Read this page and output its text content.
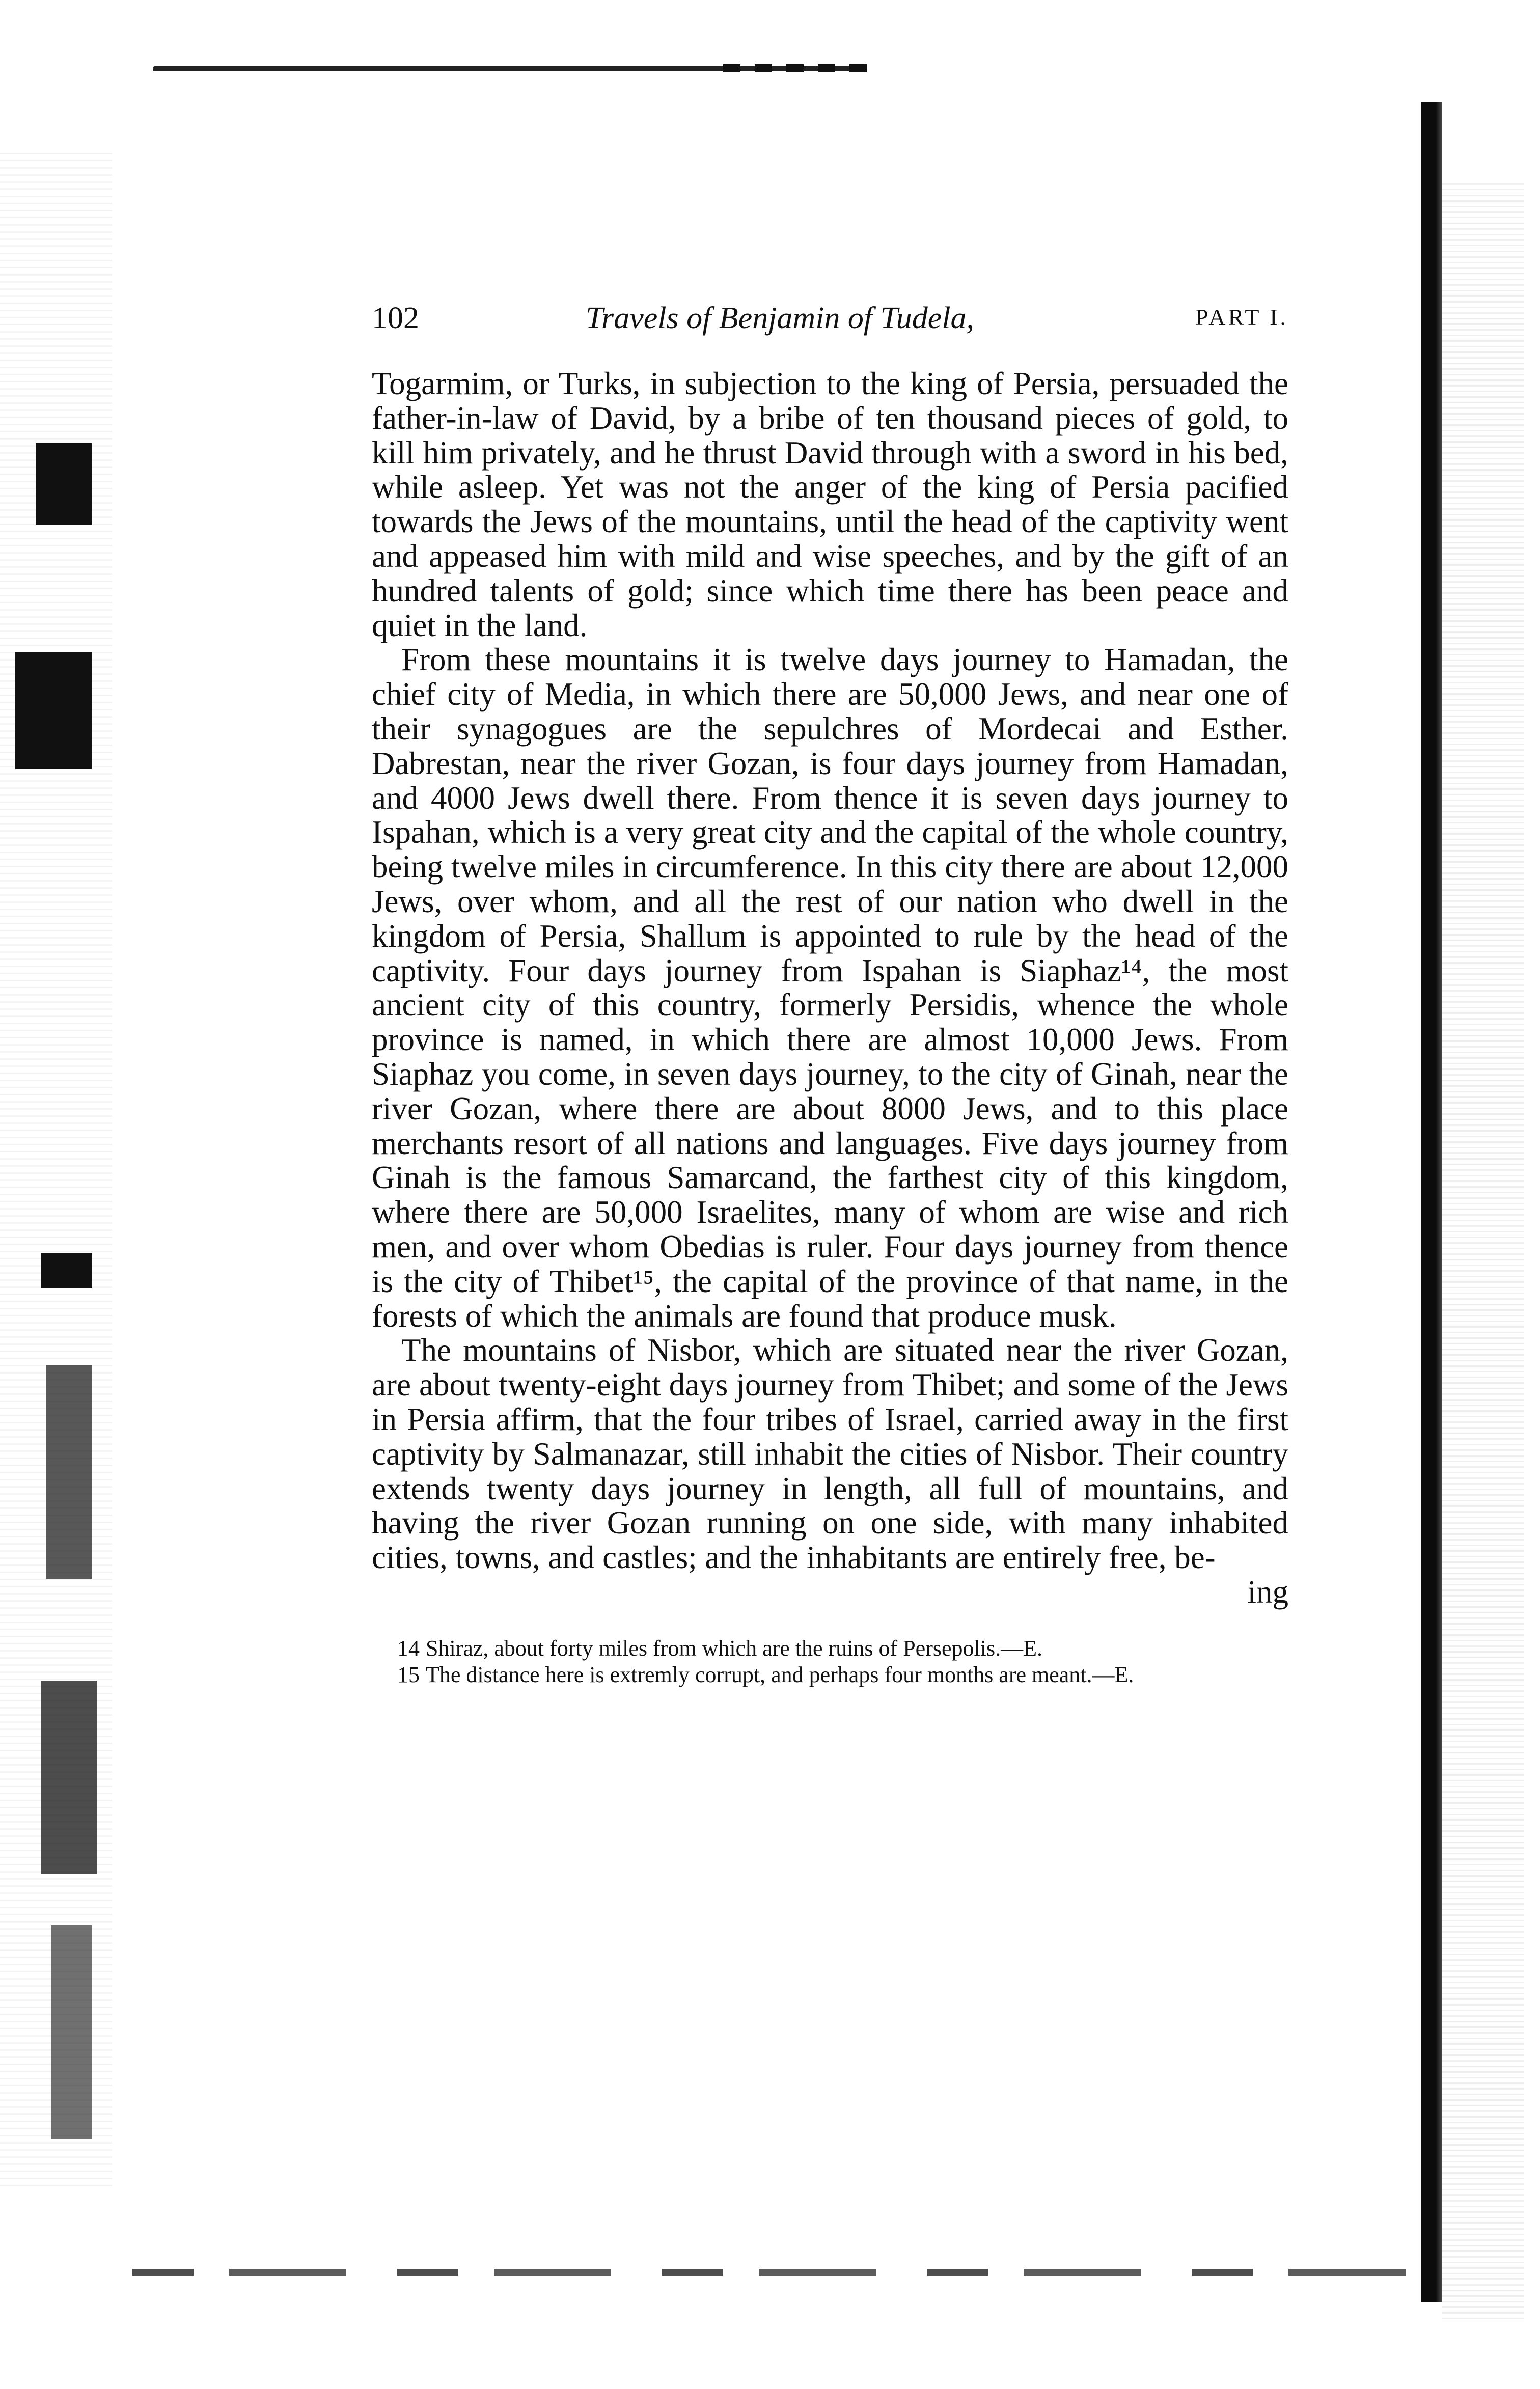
102	Travels of Benjamin of Tudela,	PART I.

Togarmim, or Turks, in subjection to the king of Persia, persuaded the father-in-law of David, by a bribe of ten thousand pieces of gold, to kill him privately, and he thrust David through with a sword in his bed, while asleep. Yet was not the anger of the king of Persia pacified towards the Jews of the mountains, until the head of the captivity went and appeased him with mild and wise speeches, and by the gift of an hundred talents of gold; since which time there has been peace and quiet in the land.

From these mountains it is twelve days journey to Hamadan, the chief city of Media, in which there are 50,000 Jews, and near one of their synagogues are the sepulchres of Mordecai and Esther. Dabrestan, near the river Gozan, is four days journey from Hamadan, and 4000 Jews dwell there. From thence it is seven days journey to Ispahan, which is a very great city and the capital of the whole country, being twelve miles in circumference. In this city there are about 12,000 Jews, over whom, and all the rest of our nation who dwell in the kingdom of Persia, Shallum is appointed to rule by the head of the captivity. Four days journey from Ispahan is Siaphaz¹⁴, the most ancient city of this country, formerly Persidis, whence the whole province is named, in which there are almost 10,000 Jews. From Siaphaz you come, in seven days journey, to the city of Ginah, near the river Gozan, where there are about 8000 Jews, and to this place merchants resort of all nations and languages. Five days journey from Ginah is the famous Samarcand, the farthest city of this kingdom, where there are 50,000 Israelites, many of whom are wise and rich men, and over whom Obedias is ruler. Four days journey from thence is the city of Thibet¹⁵, the capital of the province of that name, in the forests of which the animals are found that produce musk.

The mountains of Nisbor, which are situated near the river Gozan, are about twenty-eight days journey from Thibet; and some of the Jews in Persia affirm, that the four tribes of Israel, carried away in the first captivity by Salmanazar, still inhabit the cities of Nisbor. Their country extends twenty days journey in length, all full of mountains, and having the river Gozan running on one side, with many inhabited cities, towns, and castles; and the inhabitants are entirely free, be-

ing

14 Shiraz, about forty miles from which are the ruins of Persepolis.—E.

15 The distance here is extremly corrupt, and perhaps four months are meant.—E.
